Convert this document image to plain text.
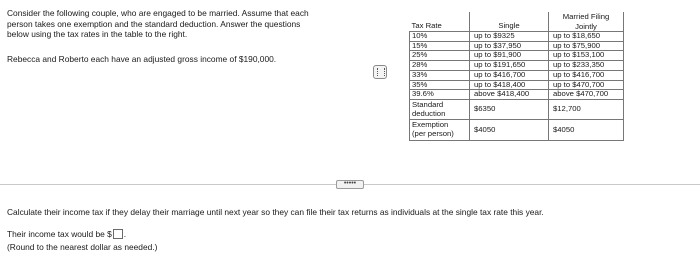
Consider the following couple, who are engaged to be married. Assume that each
person takes one exemption and the standard deduction. Answer the questions
below using the tax rates in the table to the right.
Rebecca and Roberto each have an adjusted gross income of $190,000.
Tax Rate	Single	Married Filing
Jointly

10%	up to $9325	up to $18,650
15%	up to $37,950	up to $75,900
25%	up to $91,900	up to $153,100
28%	up to $191,650	up to $233,350
33%	up to $416,700	up to $416,700
35%	up to $418,400	up to $470,700
39.6%	above $418,400	above $470,700

Standard
deduction	$6350	$12,700

Exemption
(per person)	$4050	$4050
•••••
Calculate their income tax if they delay their marriage until next year so they can file their tax returns as individuals at the single tax rate this year.
Their income tax would be $ .
(Round to the nearest dollar as needed.)
